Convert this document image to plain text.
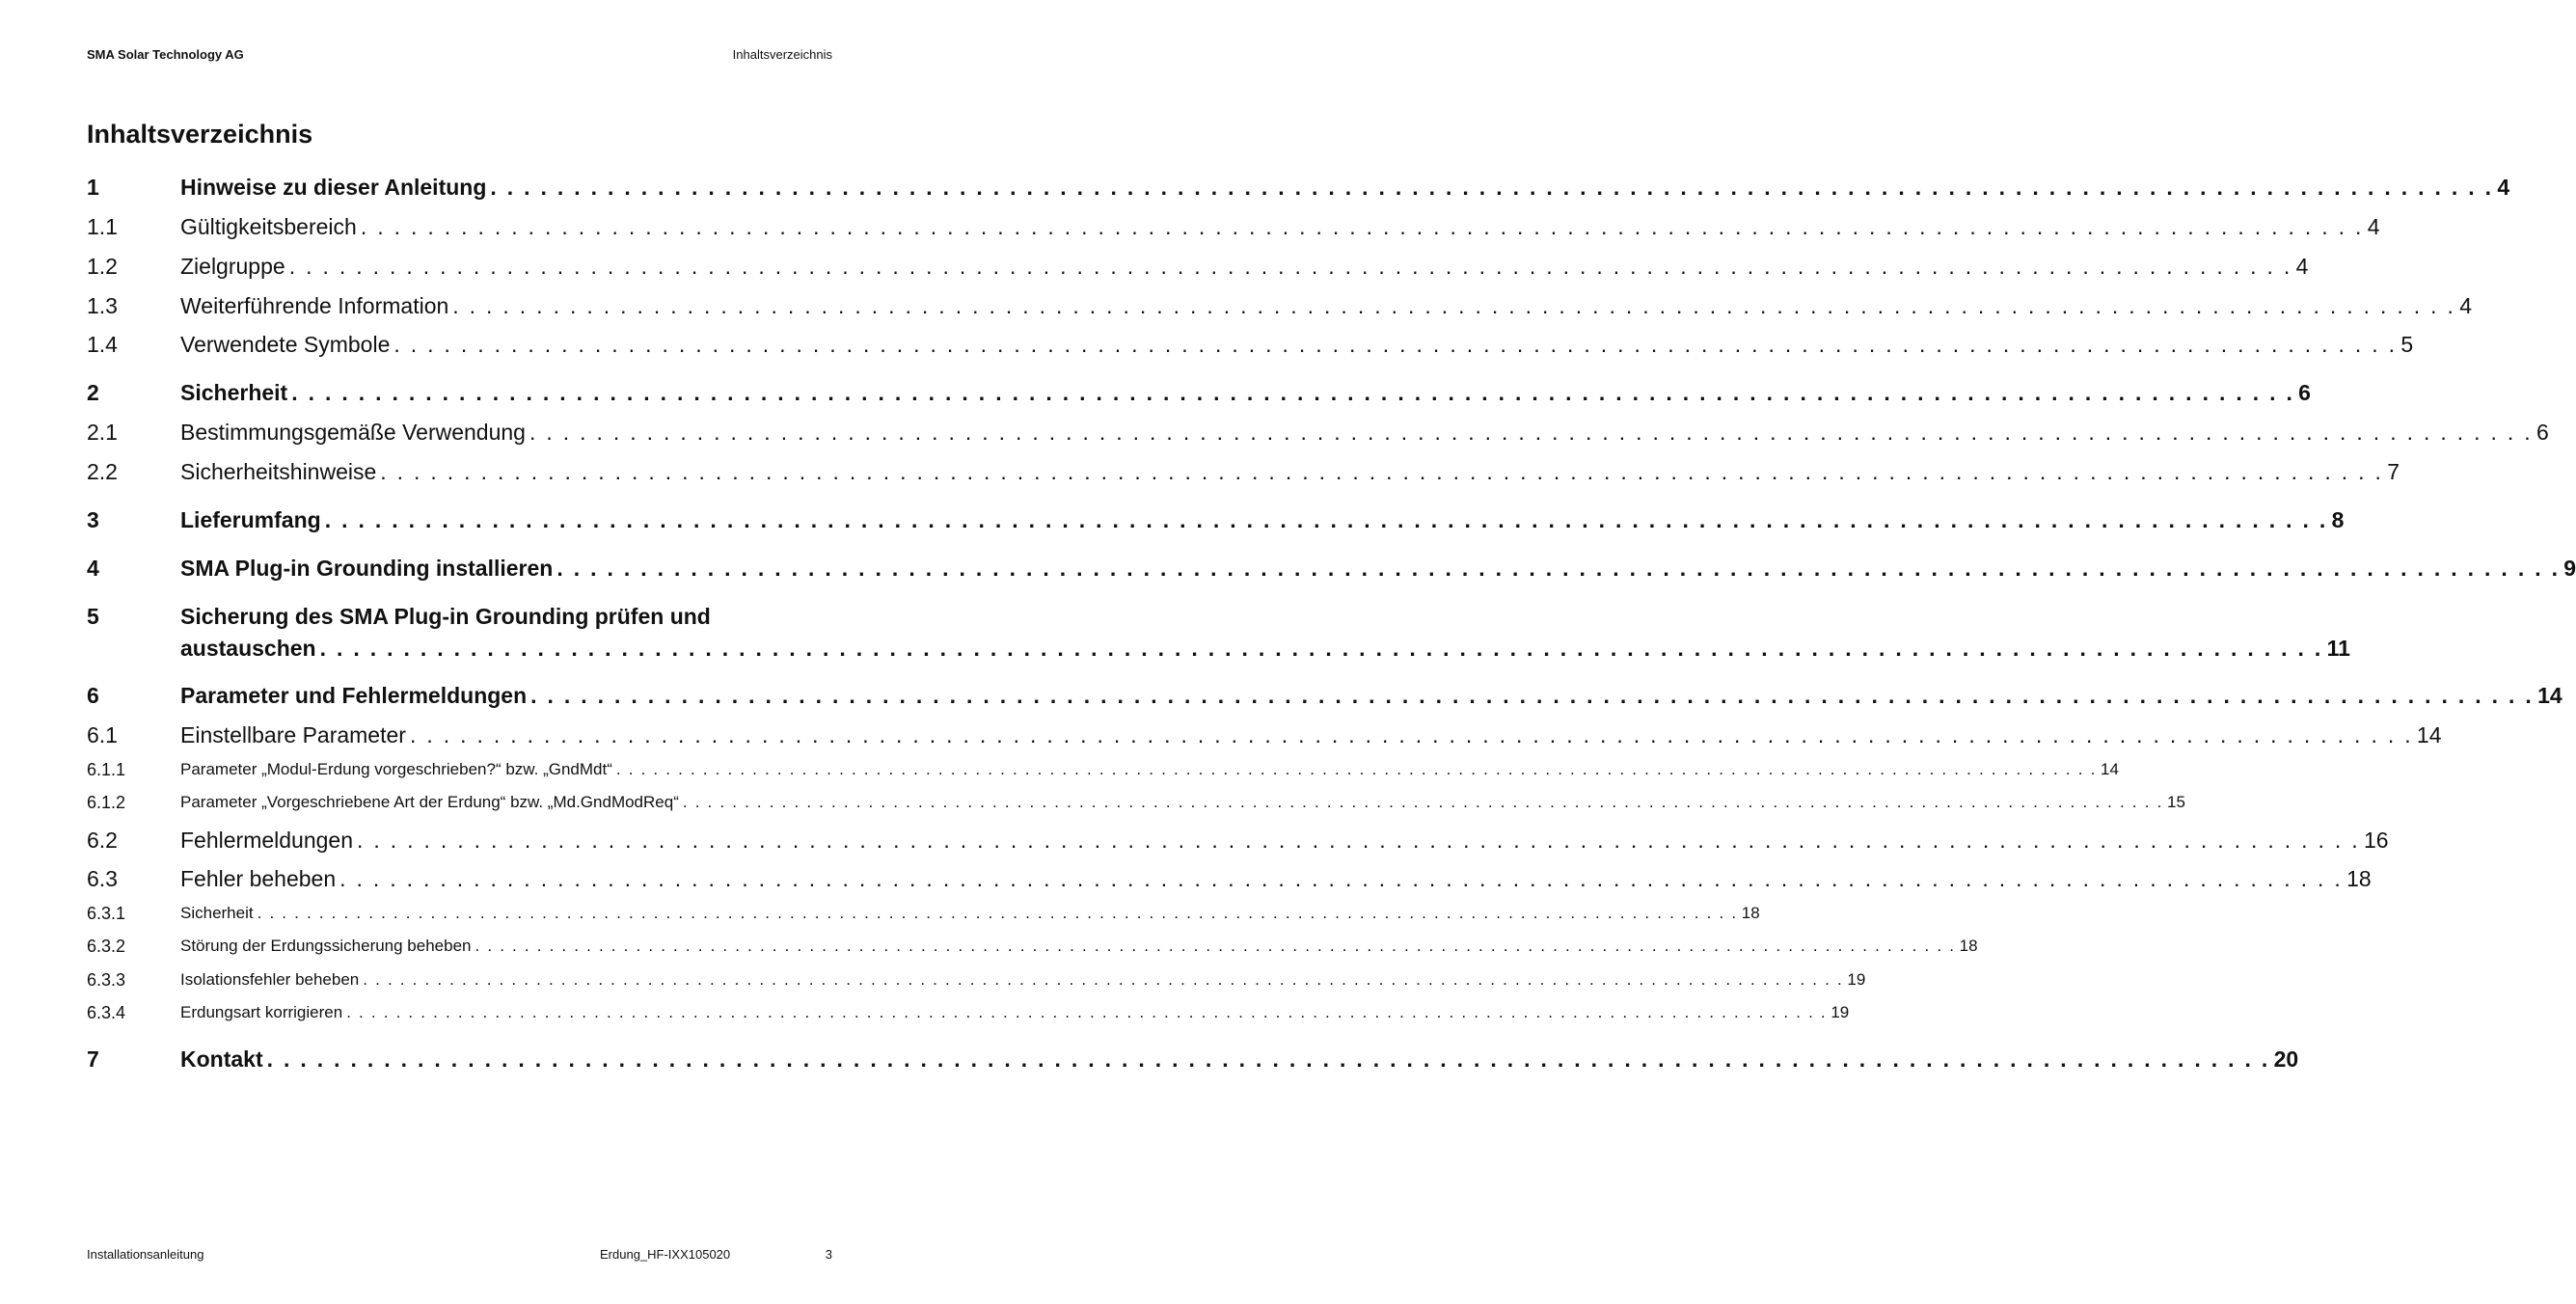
SMA Solar Technology AG	Inhaltsverzeichnis
Inhaltsverzeichnis
1	Hinweise zu dieser Anleitung . . . . . . . . . . . . . . . . . . . . . . . . . . . . . . . . . . . . . . . . . . . . . . . . . . . . . . . . . . . . . . . . . . . . . . . . . . . . . . . . . . . . . . . . . . . . . . . . . . . . . . . . . . . . . . . . . . . . . . . . 4
1.1	Gültigkeitsbereich . . . . . . . . . . . . . . . . . . . . . . . . . . . . . . . . . . . . . . . . . . . . . . . . . . . . . . . . . . . . . . . . . . . . . . . . . . . . . . . . . . . . . . . . . . . . . . . . . . . . . . . . . . . . . . . . . . . . . . . . 4
1.2	Zielgruppe . . . . . . . . . . . . . . . . . . . . . . . . . . . . . . . . . . . . . . . . . . . . . . . . . . . . . . . . . . . . . . . . . . . . . . . . . . . . . . . . . . . . . . . . . . . . . . . . . . . . . . . . . . . . . . . . . . . . . . . . 4
1.3	Weiterführende Information . . . . . . . . . . . . . . . . . . . . . . . . . . . . . . . . . . . . . . . . . . . . . . . . . . . . . . . . . . . . . . . . . . . . . . . . . . . . . . . . . . . . . . . . . . . . . . . . . . . . . . . . . . . . . . . . . . . . . . . . 4
1.4	Verwendete Symbole . . . . . . . . . . . . . . . . . . . . . . . . . . . . . . . . . . . . . . . . . . . . . . . . . . . . . . . . . . . . . . . . . . . . . . . . . . . . . . . . . . . . . . . . . . . . . . . . . . . . . . . . . . . . . . . . . . . . . . . . 5
2	Sicherheit . . . . . . . . . . . . . . . . . . . . . . . . . . . . . . . . . . . . . . . . . . . . . . . . . . . . . . . . . . . . . . . . . . . . . . . . . . . . . . . . . . . . . . . . . . . . . . . . . . . . . . . . . . . . . . . . . . . . . . . . 6
2.1	Bestimmungsgemäße Verwendung . . . . . . . . . . . . . . . . . . . . . . . . . . . . . . . . . . . . . . . . . . . . . . . . . . . . . . . . . . . . . . . . . . . . . . . . . . . . . . . . . . . . . . . . . . . . . . . . . . . . . . . . . . . . . . . . . . . . . . . . 6
2.2	Sicherheitshinweise . . . . . . . . . . . . . . . . . . . . . . . . . . . . . . . . . . . . . . . . . . . . . . . . . . . . . . . . . . . . . . . . . . . . . . . . . . . . . . . . . . . . . . . . . . . . . . . . . . . . . . . . . . . . . . . . . . . . . . . . 7
3	Lieferumfang . . . . . . . . . . . . . . . . . . . . . . . . . . . . . . . . . . . . . . . . . . . . . . . . . . . . . . . . . . . . . . . . . . . . . . . . . . . . . . . . . . . . . . . . . . . . . . . . . . . . . . . . . . . . . . . . . . . . . . . . 8
4	SMA Plug-in Grounding installieren . . . . . . . . . . . . . . . . . . . . . . . . . . . . . . . . . . . . . . . . . . . . . . . . . . . . . . . . . . . . . . . . . . . . . . . . . . . . . . . . . . . . . . . . . . . . . . . . . . . . . . . . . . . . . . . . . . . . . . . . 9
5	Sicherung des SMA Plug-in Grounding prüfen und
austauschen . . . . . . . . . . . . . . . . . . . . . . . . . . . . . . . . . . . . . . . . . . . . . . . . . . . . . . . . . . . . . . . . . . . . . . . . . . . . . . . . . . . . . . . . . . . . . . . . . . . . . . . . . . . . . . . . . . . . . . . . 11
6	Parameter und Fehlermeldungen . . . . . . . . . . . . . . . . . . . . . . . . . . . . . . . . . . . . . . . . . . . . . . . . . . . . . . . . . . . . . . . . . . . . . . . . . . . . . . . . . . . . . . . . . . . . . . . . . . . . . . . . . . . . . . . . . . . . . . . . 14
6.1	Einstellbare Parameter . . . . . . . . . . . . . . . . . . . . . . . . . . . . . . . . . . . . . . . . . . . . . . . . . . . . . . . . . . . . . . . . . . . . . . . . . . . . . . . . . . . . . . . . . . . . . . . . . . . . . . . . . . . . . . . . . . . . . . . . 14
6.1.1	Parameter „Modul-Erdung vorgeschrieben?“ bzw. „GndMdt“ . . . . . . . . . . . . . . . . . . . . . . . . . . . . . . . . . . . . . . . . . . . . . . . . . . . . . . . . . . . . . . . . . . . . . . . . . . . . . . . . . . . . . . . . . . . . . . . . . . . . . . . . . . . . . . . . . . . . . . . . 14
6.1.2	Parameter „Vorgeschriebene Art der Erdung“ bzw. „Md.GndModReq“ . . . . . . . . . . . . . . . . . . . . . . . . . . . . . . . . . . . . . . . . . . . . . . . . . . . . . . . . . . . . . . . . . . . . . . . . . . . . . . . . . . . . . . . . . . . . . . . . . . . . . . . . . . . . . . . . . . . . . . . . 15
6.2	Fehlermeldungen . . . . . . . . . . . . . . . . . . . . . . . . . . . . . . . . . . . . . . . . . . . . . . . . . . . . . . . . . . . . . . . . . . . . . . . . . . . . . . . . . . . . . . . . . . . . . . . . . . . . . . . . . . . . . . . . . . . . . . . . 16
6.3	Fehler beheben . . . . . . . . . . . . . . . . . . . . . . . . . . . . . . . . . . . . . . . . . . . . . . . . . . . . . . . . . . . . . . . . . . . . . . . . . . . . . . . . . . . . . . . . . . . . . . . . . . . . . . . . . . . . . . . . . . . . . . . . 18
6.3.1	Sicherheit . . . . . . . . . . . . . . . . . . . . . . . . . . . . . . . . . . . . . . . . . . . . . . . . . . . . . . . . . . . . . . . . . . . . . . . . . . . . . . . . . . . . . . . . . . . . . . . . . . . . . . . . . . . . . . . . . . . . . . . . 18
6.3.2	Störung der Erdungssicherung beheben . . . . . . . . . . . . . . . . . . . . . . . . . . . . . . . . . . . . . . . . . . . . . . . . . . . . . . . . . . . . . . . . . . . . . . . . . . . . . . . . . . . . . . . . . . . . . . . . . . . . . . . . . . . . . . . . . . . . . . . . 18
6.3.3	Isolationsfehler beheben . . . . . . . . . . . . . . . . . . . . . . . . . . . . . . . . . . . . . . . . . . . . . . . . . . . . . . . . . . . . . . . . . . . . . . . . . . . . . . . . . . . . . . . . . . . . . . . . . . . . . . . . . . . . . . . . . . . . . . . . 19
6.3.4	Erdungsart korrigieren . . . . . . . . . . . . . . . . . . . . . . . . . . . . . . . . . . . . . . . . . . . . . . . . . . . . . . . . . . . . . . . . . . . . . . . . . . . . . . . . . . . . . . . . . . . . . . . . . . . . . . . . . . . . . . . . . . . . . . . . 19
7	Kontakt . . . . . . . . . . . . . . . . . . . . . . . . . . . . . . . . . . . . . . . . . . . . . . . . . . . . . . . . . . . . . . . . . . . . . . . . . . . . . . . . . . . . . . . . . . . . . . . . . . . . . . . . . . . . . . . . . . . . . . . . 20
Installationsanleitung	Erdung_HF-IXX105020	3
